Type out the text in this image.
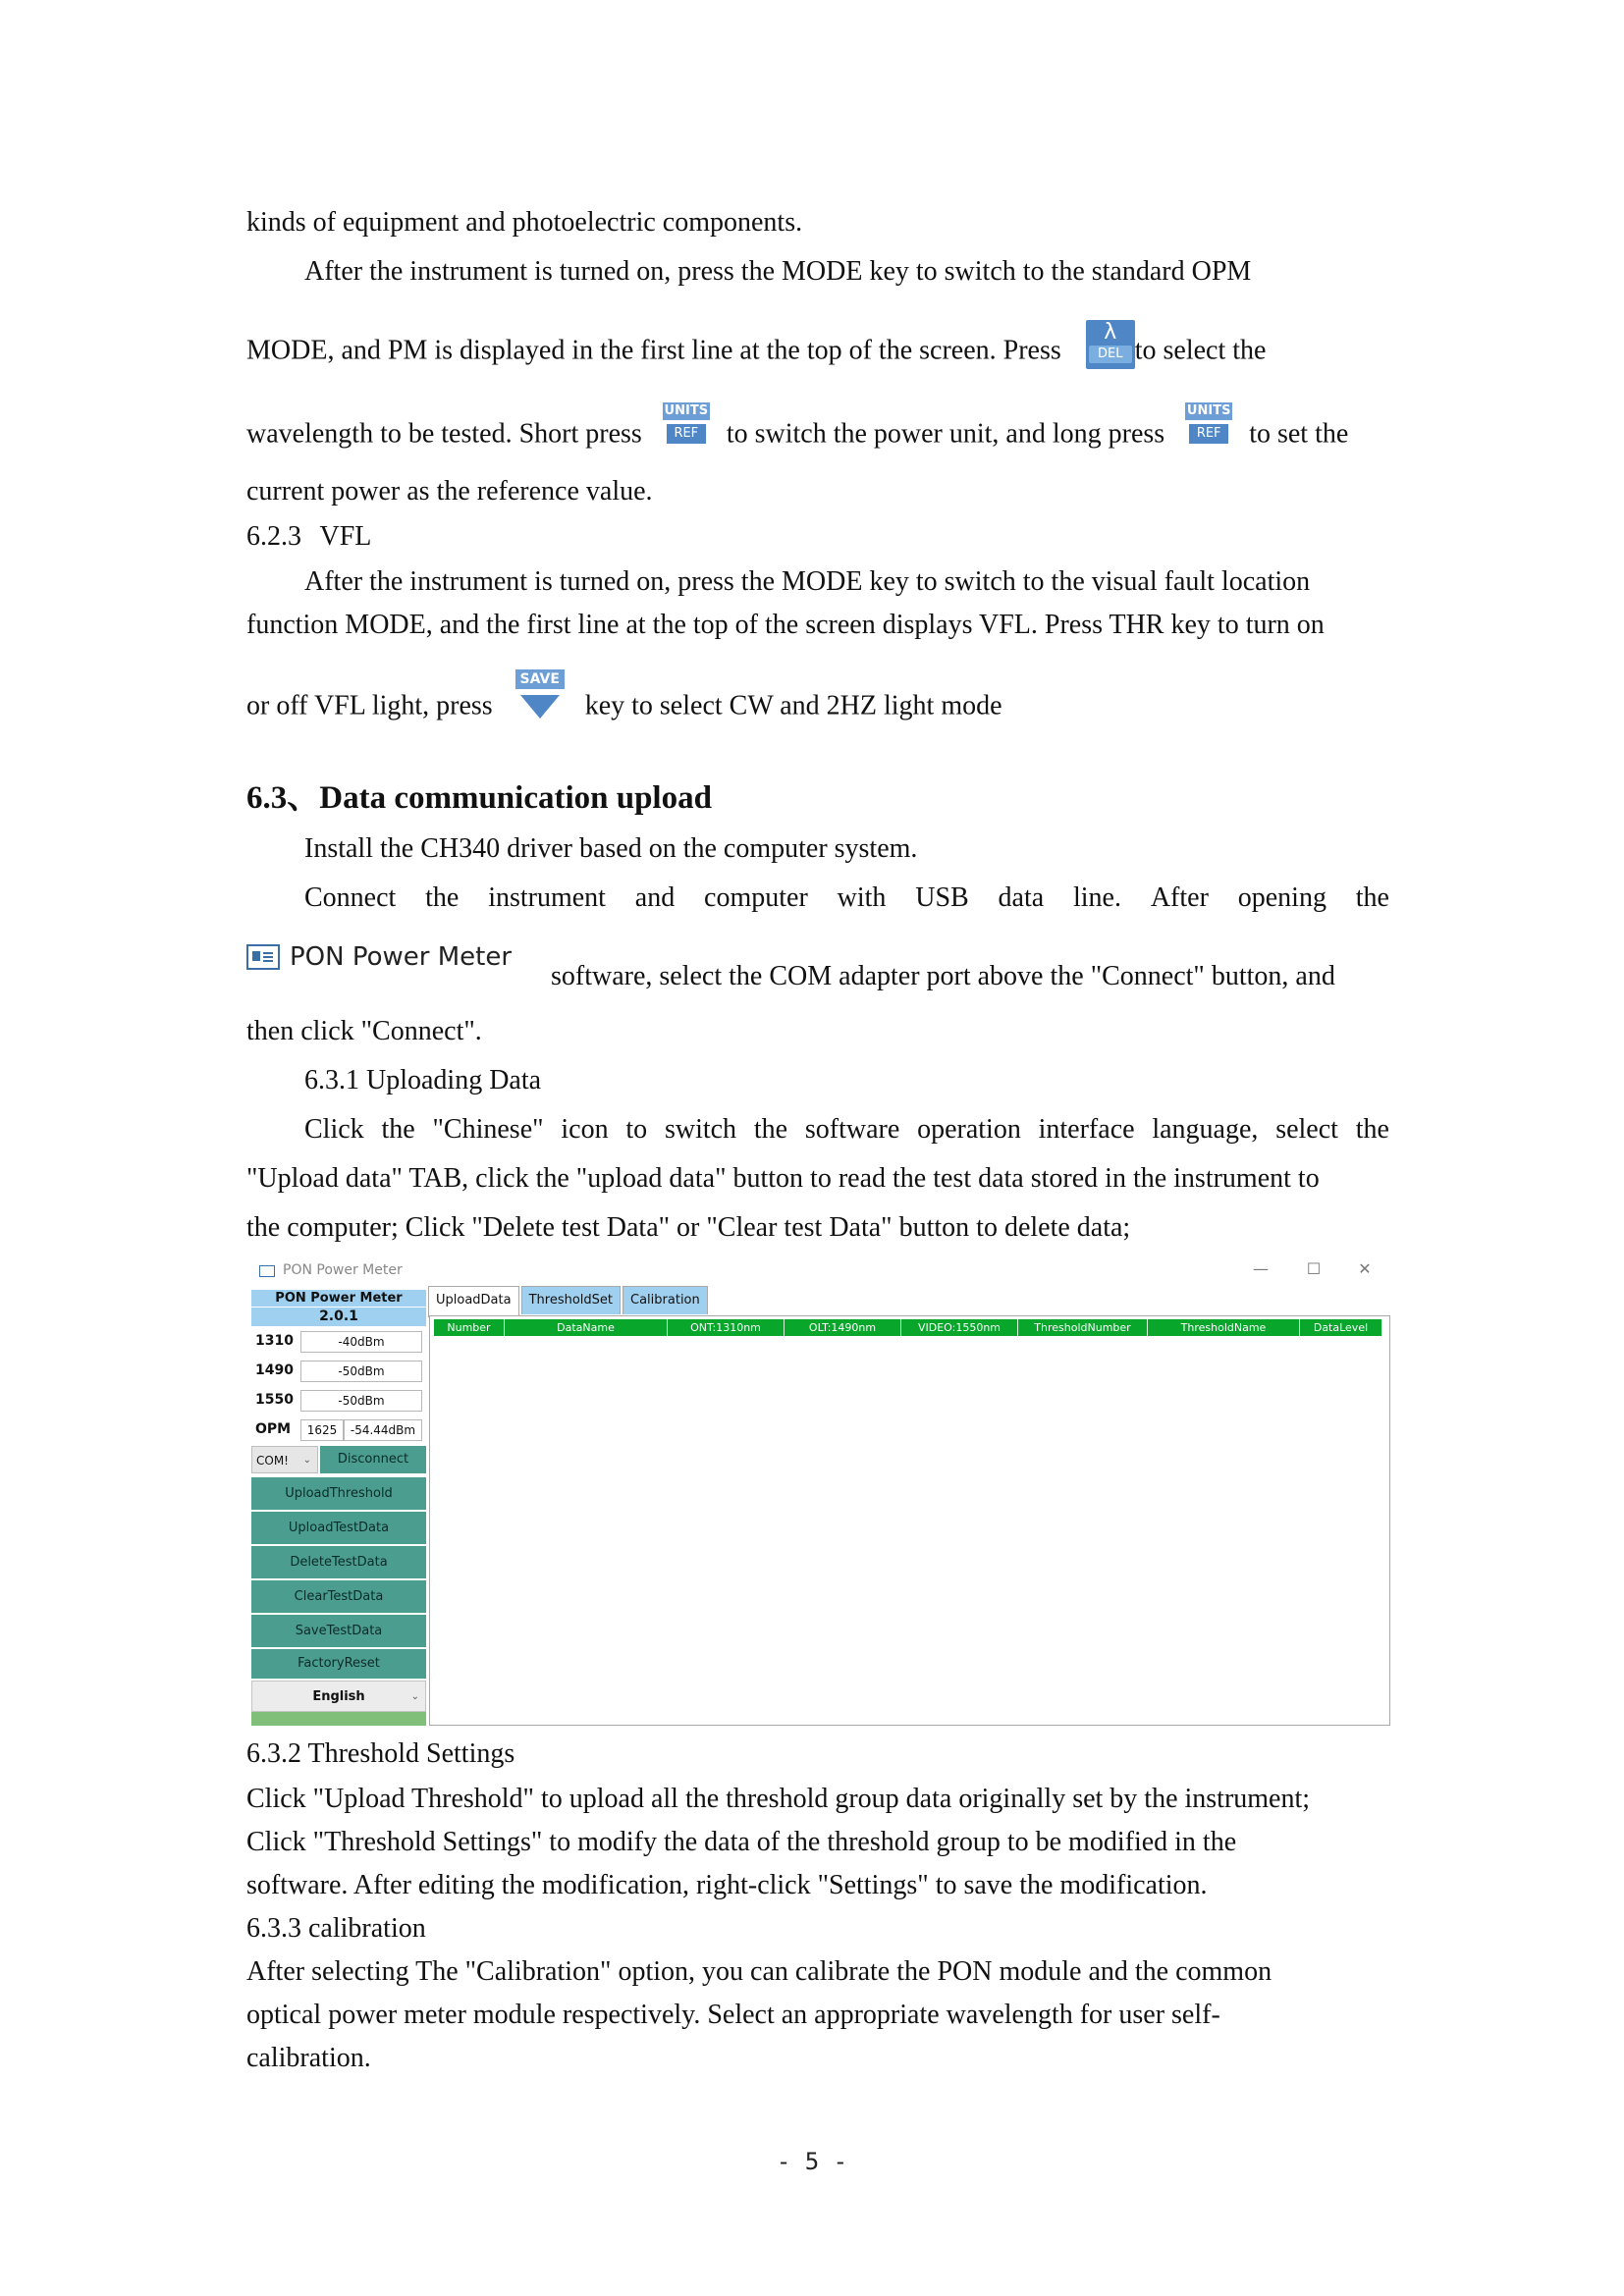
kinds of equipment and photoelectric components.
After the instrument is turned on, press the MODE key to switch to the standard OPM
MODE, and PM is displayed in the first line at the top of the screen. Press
λ
DEL to select the
wavelength to be tested. Short press
UNITS
REF to switch the power unit, and long press
UNITS
REF to set the
current power as the reference value.
6.2.3 VFL
After the instrument is turned on, press the MODE key to switch to the visual fault location
function MODE, and the first line at the top of the screen displays VFL. Press THR key to turn on
or off VFL light, press
SAVE
key to select CW and 2HZ light mode
6.3、Data communication upload
Install the CH340 driver based on the computer system.
Connect the instrument and computer with USB data line. After opening the
PON Power Meter
software, select the COM adapter port above the "Connect" button, and
then click "Connect".
6.3.1 Uploading Data
Click the "Chinese" icon to switch the software operation interface language, select the
"Upload data" TAB, click the "upload data" button to read the test data stored in the instrument to
the computer; Click "Delete test Data" or "Clear test Data" button to delete data;
PON Power Meter	—	☐	✕
PON Power Meter
2.0.1
1310	-40dBm
1490	-50dBm
1550	-50dBm
OPM	1625	-54.44dBm
COM! ⌄	Disconnect
UploadThreshold
UploadTestData
DeleteTestData
ClearTestData
SaveTestData
FactoryReset
English	⌄
UploadData	ThresholdSet	Calibration
Number	DataName	ONT:1310nm	OLT:1490nm	VIDEO:1550nm	ThresholdNumber	ThresholdName	DataLevel
6.3.2 Threshold Settings
Click "Upload Threshold" to upload all the threshold group data originally set by the instrument;
Click "Threshold Settings" to modify the data of the threshold group to be modified in the
software. After editing the modification, right-click "Settings" to save the modification.
6.3.3 calibration
After selecting The "Calibration" option, you can calibrate the PON module and the common
optical power meter module respectively. Select an appropriate wavelength for user self-
calibration.
- 5 -
